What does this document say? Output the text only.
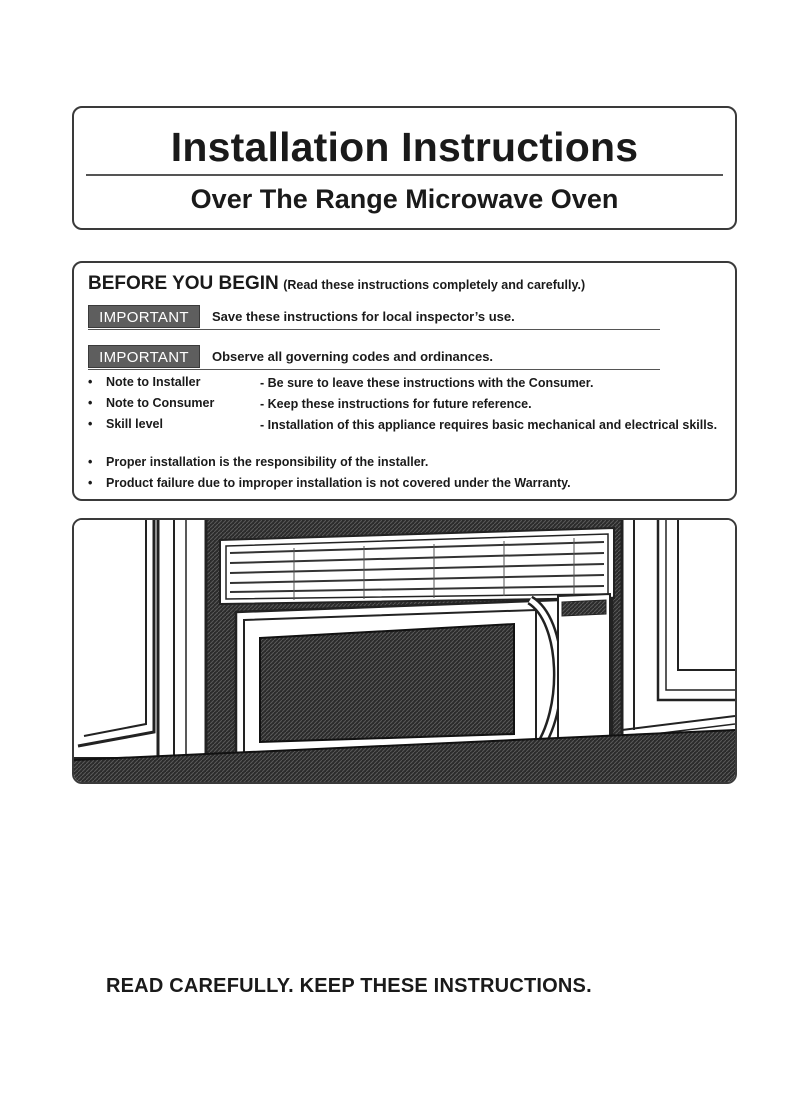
Installation Instructions
Over The Range Microwave Oven
BEFORE YOU BEGIN (Read these instructions completely and carefully.)
IMPORTANT	Save these instructions for local inspector’s use.
IMPORTANT	Observe all governing codes and ordinances.
• Note to Installer	- Be sure to leave these instructions with the Consumer.
• Note to Consumer	- Keep these instructions for future reference.
• Skill level	- Installation of this appliance requires basic mechanical and electrical skills.
• Proper installation is the responsibility of the installer.
• Product failure due to improper installation is not covered under the Warranty.
READ CAREFULLY. KEEP THESE INSTRUCTIONS.
